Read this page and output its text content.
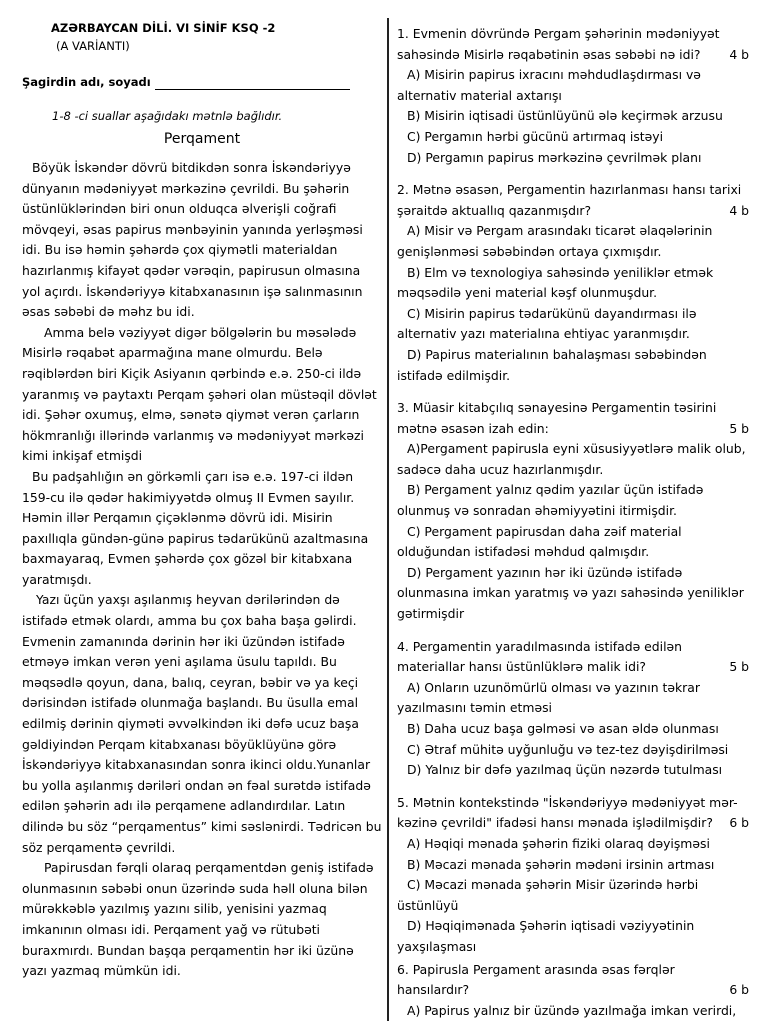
AZƏRBAYCAN DİLİ. VI SİNİF KSQ -2
(A VARİANTI)
Şagirdin adı, soyadı
1-8 -ci suallar aşağıdakı mətnlə bağlıdır.
Perqament

Böyük İskəndər dövrü bitdikdən sonra İskəndəriyyə dünyanın mədəniyyət mərkəzinə çevrildi. Bu şəhərin üstünlüklərindən biri onun olduqca əlverişli coğrafi mövqeyi, əsas papirus mənbəyinin yanında yerləşməsi idi. Bu isə həmin şəhərdə çox qiymətli materialdan hazırlanmış kifayət qədər vərəqin, papirusun olmasına yol açırdı. İskəndəriyyə kitabxanasının işə salınmasının əsas səbəbi də məhz bu idi.

Amma belə vəziyyət digər bölgələrin bu məsələdə Misirlə rəqabət aparmağına mane olmurdu. Belə rəqiblərdən biri Kiçik Asiyanın qərbində e.ə. 250-ci ildə yaranmış və paytaxtı Perqam şəhəri olan müstəqil dövlət idi. Şəhər oxumuş, elmə, sənətə qiymət verən çarların hökmranlığı illərində varlanmış və mədəniyyət mərkəzi kimi inkişaf etmişdi

Bu padşahlığın ən görkəmli çarı isə e.ə. 197-ci ildən 159-cu ilə qədər hakimiyyətdə olmuş II Evmen sayılır. Həmin illər Perqamın çiçəklənmə dövrü idi. Misirin paxıllıqla gündən-günə papirus tədarükünü azaltmasına baxmayaraq, Evmen şəhərdə çox gözəl bir kitabxana yaratmışdı.

Yazı üçün yaxşı aşılanmış heyvan dərilərindən də istifadə etmək olardı, amma bu çox baha başa gəlirdi. Evmenin zamanında dərinin hər iki üzündən istifadə etməyə imkan verən yeni aşılama üsulu tapıldı. Bu məqsədlə qoyun, dana, balıq, ceyran, bəbir və ya keçi dərisindən istifadə olunmağa başlandı. Bu üsulla emal edilmiş dərinin qiyməti əvvəlkindən iki dəfə ucuz başa gəldiyindən Perqam kitabxanası böyüklüyünə görə İskəndəriyyə kitabxanasından sonra ikinci oldu.Yunanlar bu yolla aşılanmış dəriləri ondan ən fəal surətdə istifadə edilən şəhərin adı ilə perqamene adlandırdılar. Latın dilində bu söz “perqamentus” kimi səslənirdi. Tədricən bu söz perqamentə çevrildi.

Papirusdan fərqli olaraq perqamentdən geniş istifadə olunmasının səbəbi onun üzərində suda həll oluna bilən mürəkkəblə yazılmış yazını silib, yenisini yazmaq imkanının olması idi. Perqament yağ və rütubəti buraxmırdı. Bundan başqa perqamentin hər iki üzünə yazı yazmaq mümkün idi.

1. Evmenin dövründə Pergam şəhərinin mədəniyyət sahəsində Misirlə rəqabətinin əsas səbəbi nə idi? 4 b

A) Misirin papirus ixracını məhdudlaşdırması və alternativ material axtarışı

B) Misirin iqtisadi üstünlüyünü ələ keçirmək arzusu

C) Pergamın hərbi gücünü artırmaq istəyi

D) Pergamın papirus mərkəzinə çevrilmək planı

2. Mətnə əsasən, Pergamentin hazırlanması hansı tarixi şəraitdə aktuallıq qazanmışdır?	4 b

A) Misir və Pergam arasındakı ticarət əlaqələrinin genişlənməsi səbəbindən ortaya çıxmışdır.

B) Elm və texnologiya sahəsində yeniliklər etmək məqsədilə yeni material kəşf olunmuşdur.

C) Misirin papirus tədarükünü dayandırması ilə alternativ yazı materialına ehtiyac yaranmışdır.

D) Papirus materialının bahalaşması səbəbindən istifadə edilmişdir.

3. Müasir kitabçılıq sənayesinə Pergamentin təsirini mətnə əsasən izah edin:	5 b

A)Pergament papirusla eyni xüsusiyyətlərə malik olub, sadəcə daha ucuz hazırlanmışdır.

B) Pergament yalnız qədim yazılar üçün istifadə olunmuş və sonradan əhəmiyyətini itirmişdir.

C) Pergament papirusdan daha zəif material olduğundan istifadəsi məhdud qalmışdır.

D) Pergament yazının hər iki üzündə istifadə olunmasına imkan yaratmış və yazı sahəsində yeniliklər gətirmişdir

4. Pergamentin yaradılmasında istifadə edilən materiallar hansı üstünlüklərə malik idi?	5 b

A) Onların uzunömürlü olması və yazının təkrar yazılmasını təmin etməsi

B) Daha ucuz başa gəlməsi və asan əldə olunması

C) Ətraf mühitə uyğunluğu və tez-tez dəyişdirilməsi

D) Yalnız bir dəfə yazılmaq üçün nəzərdə tutulması

5. Mətnin kontekstində "İskəndəriyyə mədəniyyət mər-kəzinə çevrildi" ifadəsi hansı mənada işlədilmişdir? 6 b

A) Həqiqi mənada şəhərin fiziki olaraq dəyişməsi

B) Məcazi mənada şəhərin mədəni irsinin artması

C) Məcazi mənada şəhərin Misir üzərində hərbi üstünlüyü

D) Həqiqimənada Şəhərin iqtisadi vəziyyətinin yaxşılaşması

6. Papirusla Pergament arasında əsas fərqlər hansılardır?	6 b

A) Papirus yalnız bir üzündə yazılmağa imkan verirdi,
